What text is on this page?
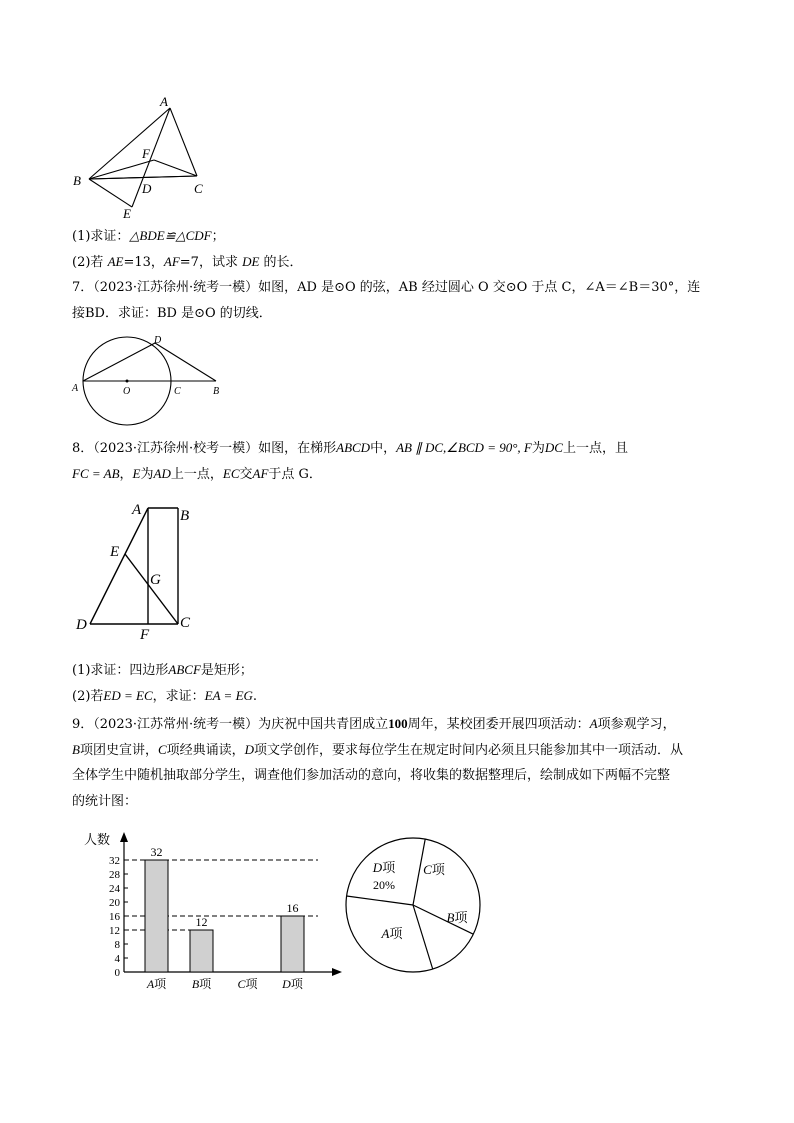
A
B
C
D
E
F
(1)求证：△BDE≌△CDF；
(2)若 AE=13，AF=7，试求 DE 的长．
7．（2023·江苏徐州·统考一模）如图，AD 是⊙O 的弦，AB 经过圆心 O 交⊙O 于点 C，∠A＝∠B＝30°，连
接BD．求证：BD 是⊙O 的切线．
A	O	C	B
D
8．（2023·江苏徐州·校考一模）如图，在梯形ABCD中，AB ∥ DC,∠BCD = 90°, F为DC上一点，且
FC = AB，E为AD上一点，EC交AF于点 G．
A	B
E
G
D
F
C
(1)求证：四边形ABCF是矩形；
(2)若ED = EC，求证：EA = EG.
9．（2023·江苏常州·统考一模）为庆祝中国共青团成立100周年，某校团委开展四项活动：A项参观学习，
B项团史宣讲，C项经典诵读，D项文学创作，要求每位学生在规定时间内必须且只能参加其中一项活动．从
全体学生中随机抽取部分学生，调查他们参加活动的意向，将收集的数据整理后，绘制成如下两幅不完整
的统计图：
人数
0
4
8
12
16
20
24
28
32
32
A项
12
B项 C项
16
D项
D项
20%
C项
B项
A项
